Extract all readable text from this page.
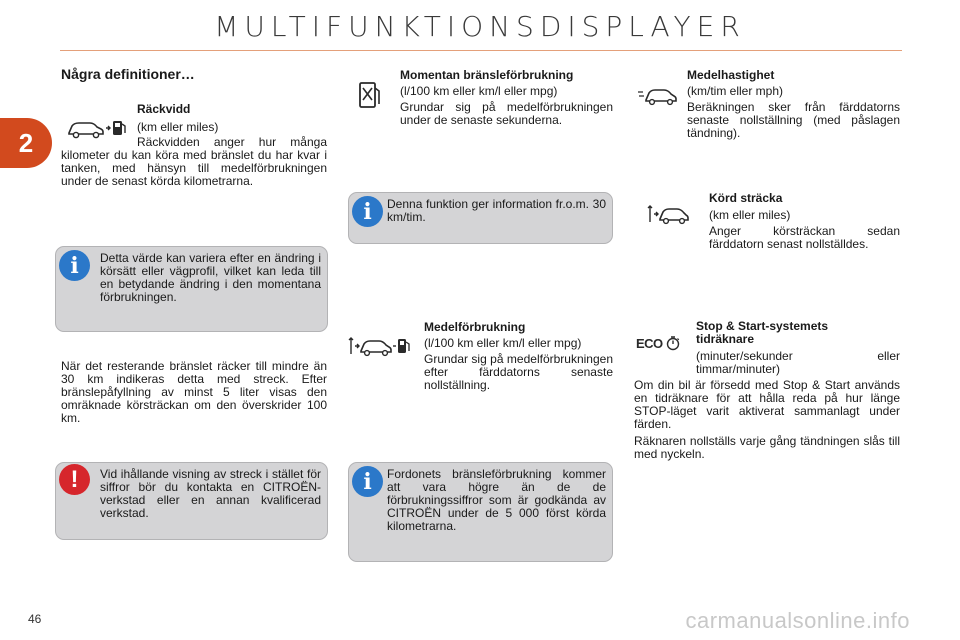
MULTIFUNKTIONSDISPLAYER
2
Några definitioner…
Räckvidd
(km eller miles)
Räckvidden anger hur många kilometer du kan köra med bränslet du har kvar i tanken, med hänsyn till medelförbrukningen under de senast körda kilometrarna.
Detta värde kan variera efter en ändring i körsätt eller vägprofil, vilket kan leda till en betydande ändring i den momentana förbrukningen.
i
När det resterande bränslet räcker till mindre än 30 km indikeras detta med streck. Efter bränslepåfyllning av minst 5 liter visas den omräknade körsträckan om den överskrider 100 km.
Vid ihållande visning av streck i stället för siffror bör du kontakta en CITROËN-verkstad eller en annan kvalificerad verkstad.
!
Momentan bränsleförbrukning
(l/100 km eller km/l eller mpg)
Grundar sig på medelförbrukningen under de senaste sekunderna.
Denna funktion ger information fr.o.m. 30 km/tim.
i
Medelförbrukning
(l/100 km eller km/l eller mpg)
Grundar sig på medelförbrukningen efter färddatorns senaste nollställning.
Fordonets bränsleförbrukning kommer att vara högre än de de förbrukningssiffror som är godkända av CITROËN under de 5 000 först körda kilometrarna.
i
Medelhastighet
(km/tim eller mph)
Beräkningen sker från färddatorns senaste nollställning (med påslagen tändning).
Körd sträcka
(km eller miles)
Anger körsträckan sedan färddatorn senast nollställdes.
ECO
Stop & Start-systemets tidräknare
(minuter/sekunder eller timmar/minuter)
Om din bil är försedd med Stop & Start används en tidräknare för att hålla reda på hur länge STOP-läget varit aktiverat sammanlagt under färden.
Räknaren nollställs varje gång tändningen slås till med nyckeln.
46	carmanualsonline.info
